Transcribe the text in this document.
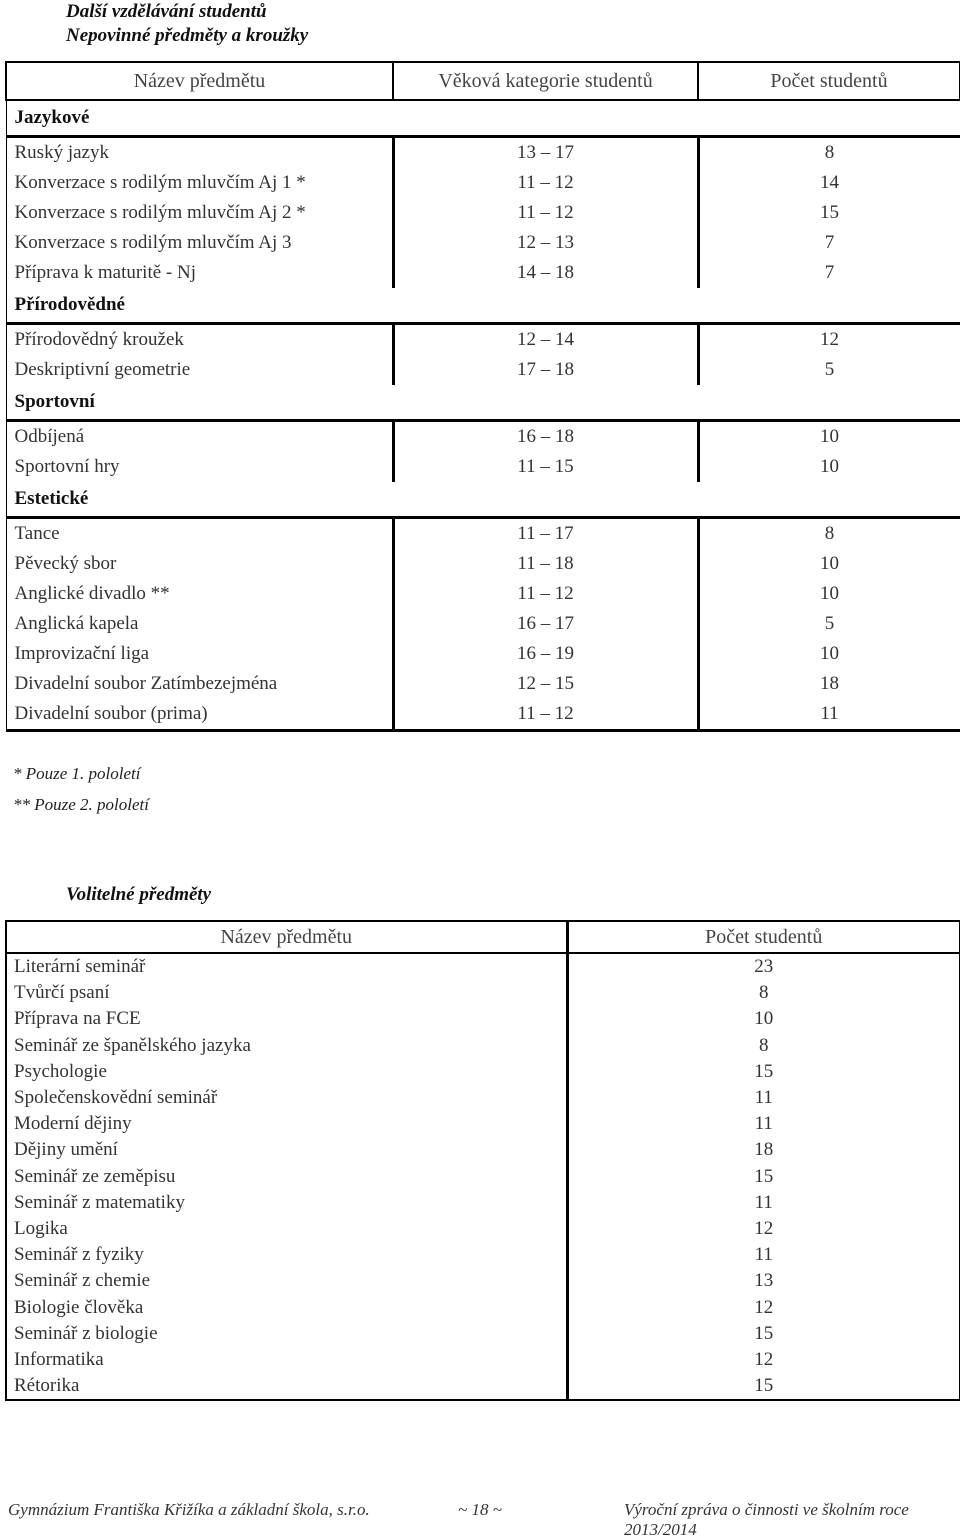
Další vzdělávání studentů
Nepovinné předměty a kroužky
Název předmětu	Věková kategorie studentů	Počet studentů
Jazykové		
Ruský jazyk	13 – 17	8
Konverzace s rodilým mluvčím Aj 1 *	11 – 12	14
Konverzace s rodilým mluvčím Aj 2 *	11 – 12	15
Konverzace s rodilým mluvčím Aj 3	12 – 13	7
Příprava k maturitě - Nj	14 – 18	7
Přírodovědné		
Přírodovědný kroužek	12 – 14	12
Deskriptivní geometrie	17 – 18	5
Sportovní		
Odbíjená	16 – 18	10
Sportovní hry	11 – 15	10
Estetické		
Tance	11 – 17	8
Pěvecký sbor	11 – 18	10
Anglické divadlo **	11 – 12	10
Anglická kapela	16 – 17	5
Improvizační liga	16 – 19	10
Divadelní soubor Zatímbezejména	12 – 15	18
Divadelní soubor (prima)	11 – 12	11
* Pouze 1. pololetí
** Pouze 2. pololetí
Volitelné předměty
Název předmětu	Počet studentů
Literární seminář	23
Tvůrčí psaní	8
Příprava na FCE	10
Seminář ze španělského jazyka	8
Psychologie	15
Společenskovědní seminář	11
Moderní dějiny	11
Dějiny umění	18
Seminář ze zeměpisu	15
Seminář z matematiky	11
Logika	12
Seminář z fyziky	11
Seminář z chemie	13
Biologie člověka	12
Seminář z biologie	15
Informatika	12
Rétorika	15
Gymnázium Františka Křižíka a základní škola, s.r.o.	~ 18 ~	Výroční zpráva o činnosti ve školním roce 2013/2014
